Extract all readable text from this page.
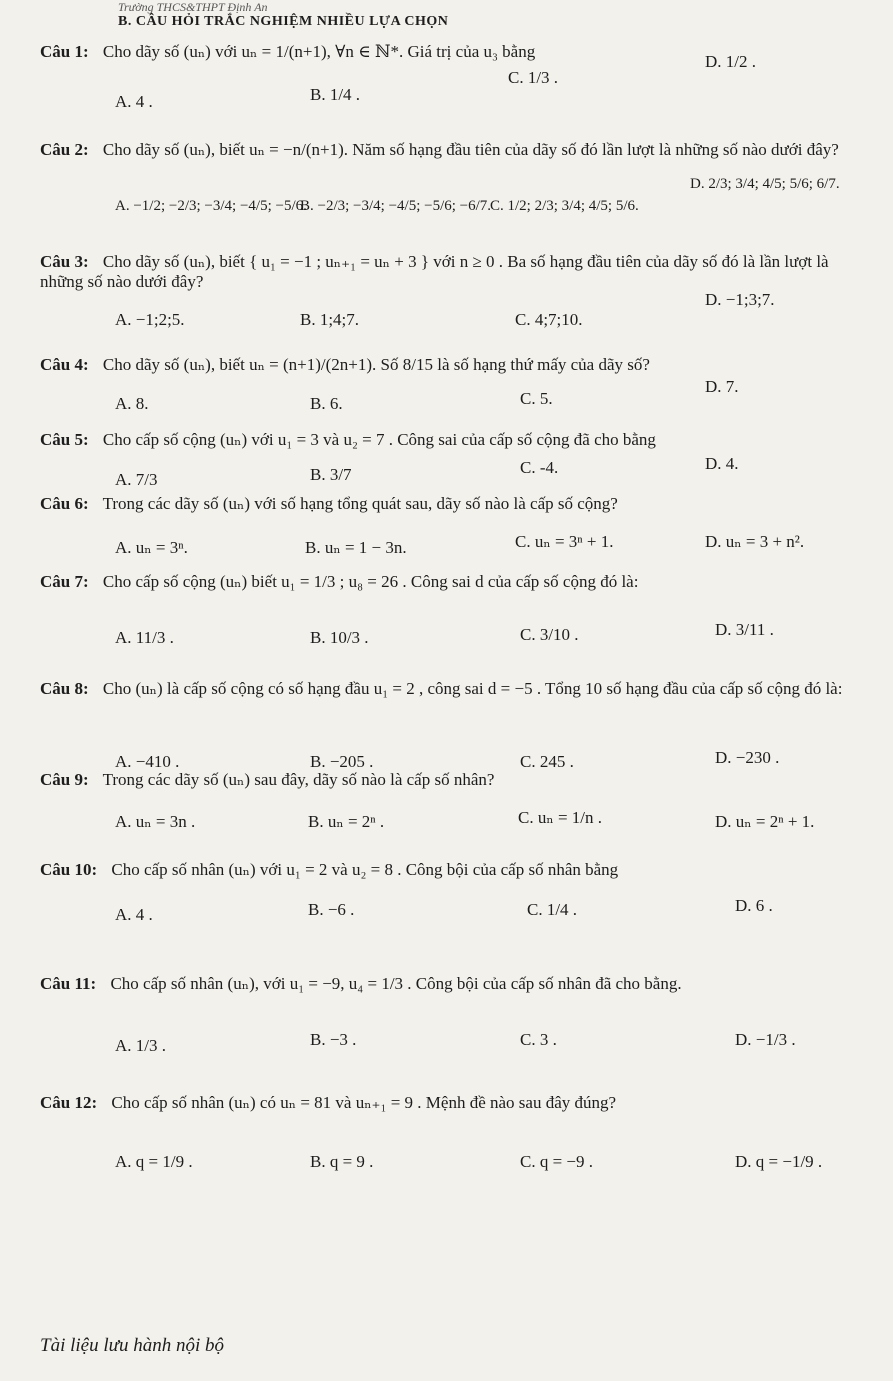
Trường THCS&THPT Định An
B. CÂU HỎI TRẮC NGHIỆM NHIỀU LỰA CHỌN
Câu 1: Cho dãy số (uₙ) với uₙ = 1/(n+1), ∀n ∈ ℕ*. Giá trị của u₃ bằng
A. 4 .	B. 1/4 .
C. 1/3 .
D. 1/2 .
Câu 2: Cho dãy số (uₙ), biết uₙ = −n/(n+1). Năm số hạng đầu tiên của dãy số đó lần lượt là những số nào dưới đây?
A. −1/2; −2/3; −3/4; −4/5; −5/6.
B. −2/3; −3/4; −4/5; −5/6; −6/7.
C. 1/2; 2/3; 3/4; 4/5; 5/6.
D. 2/3; 3/4; 4/5; 5/6; 6/7.
Câu 3: Cho dãy số (uₙ), biết { u₁ = −1 ; uₙ₊₁ = uₙ + 3 } với n ≥ 0 . Ba số hạng đầu tiên của dãy số đó là lần lượt là những số nào dưới đây?
A. −1;2;5.	B. 1;4;7.	C. 4;7;10.
D. −1;3;7.
Câu 4: Cho dãy số (uₙ), biết uₙ = (n+1)/(2n+1). Số 8/15 là số hạng thứ mấy của dãy số?
A. 8.	B. 6.	C. 5.
D. 7.
Câu 5: Cho cấp số cộng (uₙ) với u₁ = 3 và u₂ = 7 . Công sai của cấp số cộng đã cho bằng
A. 7/3	B. 3/7	C. -4.	D. 4.
Câu 6: Trong các dãy số (uₙ) với số hạng tổng quát sau, dãy số nào là cấp số cộng?
A. uₙ = 3ⁿ.	B. uₙ = 1 − 3n.	C. uₙ = 3ⁿ + 1.	D. uₙ = 3 + n².
Câu 7: Cho cấp số cộng (uₙ) biết u₁ = 1/3 ; u₈ = 26 . Công sai d của cấp số cộng đó là:
A. 11/3 .	B. 10/3 .	C. 3/10 .	D. 3/11 .
Câu 8: Cho (uₙ) là cấp số cộng có số hạng đầu u₁ = 2 , công sai d = −5 . Tổng 10 số hạng đầu của cấp số cộng đó là:
A. −410 .	B. −205 .	C. 245 .	D. −230 .
Câu 9: Trong các dãy số (uₙ) sau đây, dãy số nào là cấp số nhân?
A. uₙ = 3n .	B. uₙ = 2ⁿ .	C. uₙ = 1/n .	D. uₙ = 2ⁿ + 1.
Câu 10: Cho cấp số nhân (uₙ) với u₁ = 2 và u₂ = 8 . Công bội của cấp số nhân bằng
A. 4 .	B. −6 .	C. 1/4 .	D. 6 .
Câu 11: Cho cấp số nhân (uₙ), với u₁ = −9, u₄ = 1/3 . Công bội của cấp số nhân đã cho bằng.
A. 1/3 .	B. −3 .	C. 3 .	D. −1/3 .
Câu 12: Cho cấp số nhân (uₙ) có uₙ = 81 và uₙ₊₁ = 9 . Mệnh đề nào sau đây đúng?
A. q = 1/9 .	B. q = 9 .	C. q = −9 .	D. q = −1/9 .
Tài liệu lưu hành nội bộ
